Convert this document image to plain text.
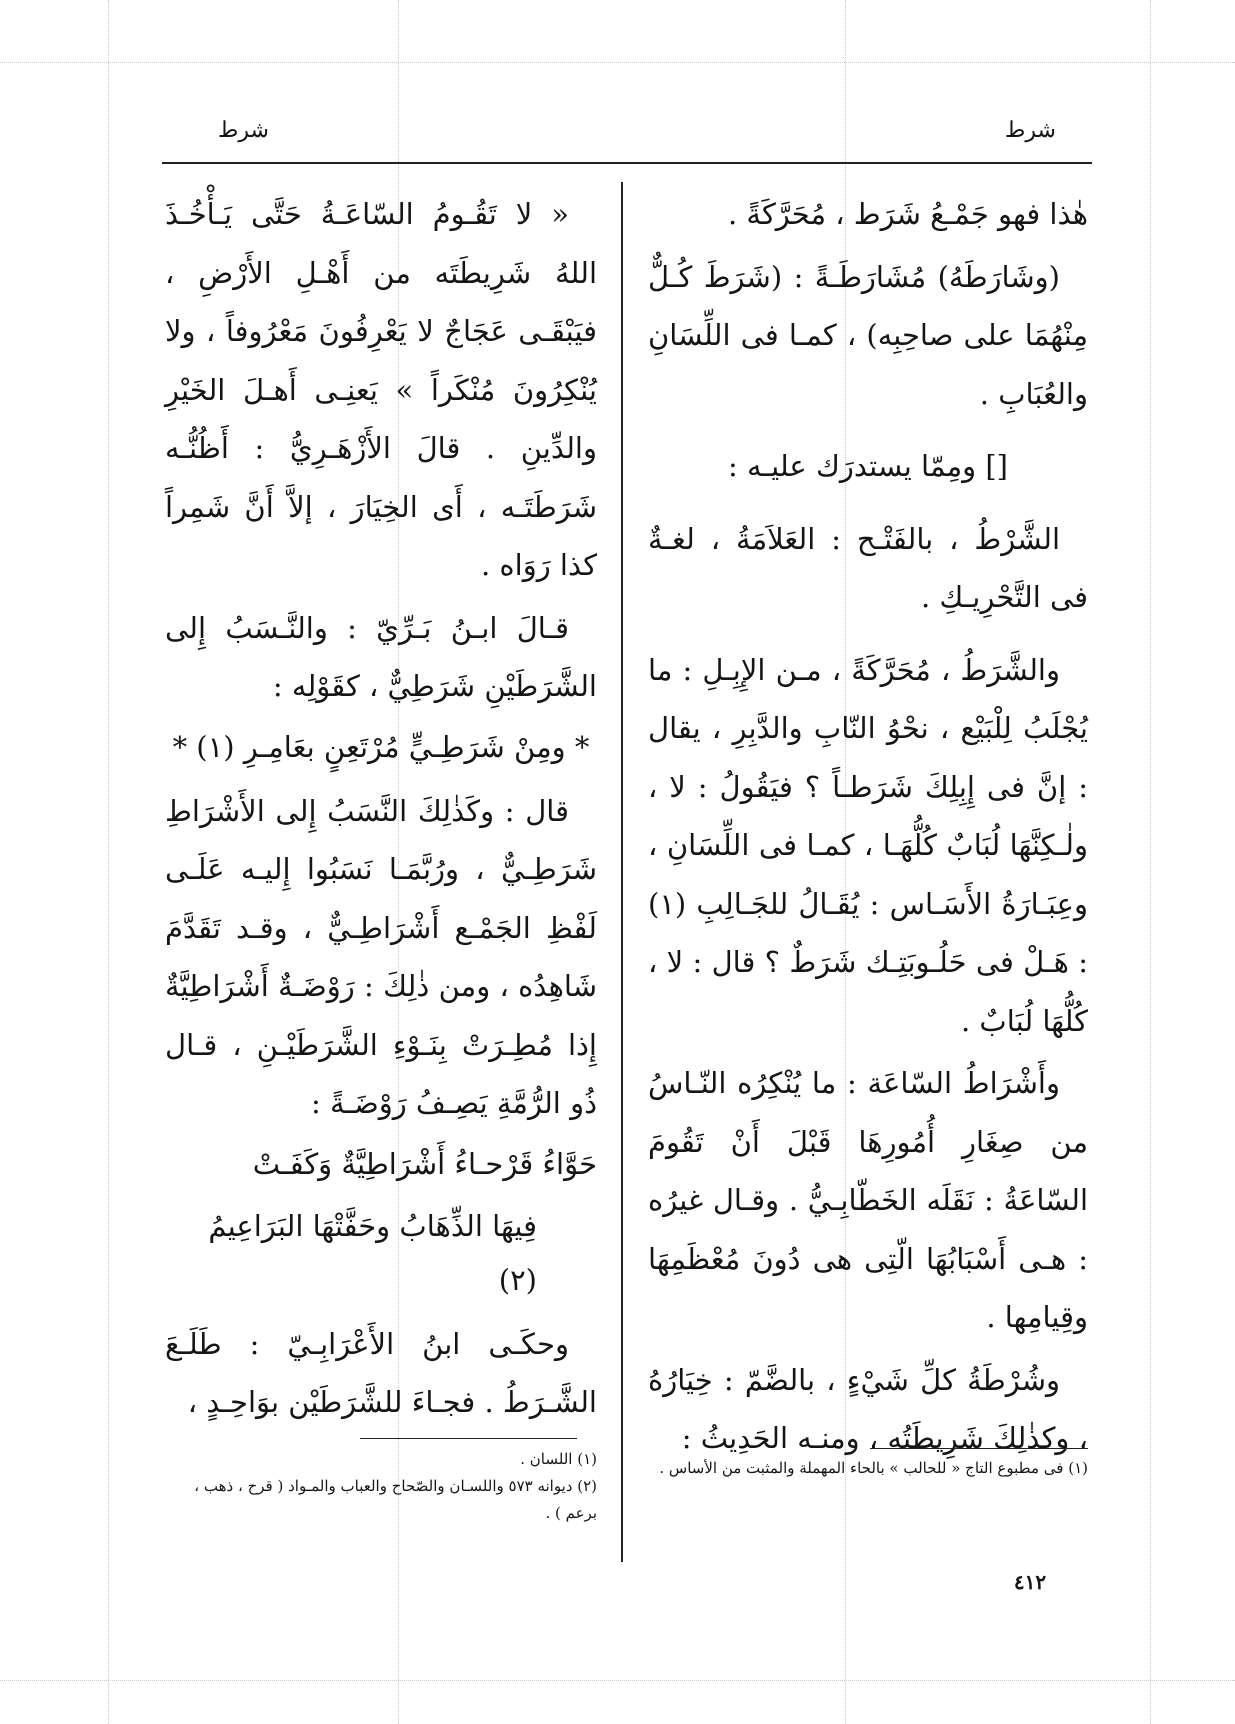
شرط
شرط

هٰذا فهو جَمْـعُ شَرَط ، مُحَرَّكَةً .

(وشَارَطَهُ) مُشَارَطَـةً : (شَرَطَ كُـلٌّ مِنْهُمَا على صاحِبِه) ، كمـا فى اللِّسَانِ والعُبَابِ .

[] ومِمّا يستدرَك عليـه :

الشَّرْطُ ، بالفَتْـح : العَلاَمَةُ ، لغـةٌ فى التَّحْرِيـكِ .

والشَّرَطُ ، مُحَرَّكَةً ، مـن الإِبِـلِ : ما يُجْلَبُ لِلْبَيْع ، نحْوُ النّابِ والدَّبِرِ ، يقال : إنَّ فى إِبِلِكَ شَرَطـاً ؟ فيَقُولُ : لا ، ولٰـكِنَّهَا لُبَابٌ كُلُّهَـا ، كمـا فى اللِّسَانِ ، وعِبَـارَةُ الأَسَـاس : يُقَـالُ للجَـالِبِ (١) : هَـلْ فى حَلُـوبَتِـك شَرَطٌ ؟ قال : لا ، كُلُّهَا لُبَابٌ .

وأَشْرَاطُ السّاعَة : ما يُنْكِرُه النّـاسُ من صِغَارِ أُمُورِهَا قَبْلَ أَنْ تَقُومَ السّاعَةُ : نَقَلَه الخَطّابِـيُّ . وقـال غيرُه : هـى أَسْبَابُهَا الّتِى هى دُونَ مُعْظَمِهَا وقِيامِها .

وشُرْطَةُ كلِّ شَيْءٍ ، بالضَّمّ : خِيَارُهُ ، وكذٰلِكَ شَرِيطَتُه ، ومنـه الحَدِيثُ :

(١) فى مطبوع التاج « للحالب » بالحاء المهملة والمثبت من الأساس .

« لا تَقُـومُ السّاعَـةُ حَتَّى يَـأْخُـذَ اللهُ شَرِيطَتَه من أَهْـلِ الأَرْضِ ، فيَبْقَـى عَجَاجٌ لا يَعْرِفُونَ مَعْرُوفاً ، ولا يُنْكِرُونَ مُنْكَراً » يَعنِـى أَهـلَ الخَيْرِ والدِّينِ . قالَ الأَزْهَـرِيُّ : أَظُنُّـه شَرَطَتَـه ، أَى الخِيَارَ ، إلاَّ أَنَّ شَمِراً كذا رَوَاه .

قـالَ ابـنُ بَـرِّيّ : والنَّـسَبُ إِلى الشَّرَطَيْنِ شَرَطِيٌّ ، كقَوْلِه :

* ومِنْ شَرَطِـيٍّ مُرْتَعِنٍ بعَامِـرِ (١) *

قال : وكَذٰلِكَ النَّسَبُ إِلى الأَشْرَاطِ شَرَطِـيٌّ ، ورُبَّمَـا نَسَبُوا إِليـه عَلَـى لَفْظِ الجَمْـع أَشْرَاطِـيٌّ ، وقـد تَقَدَّمَ شَاهِدُه ، ومن ذٰلِكَ : رَوْضَـةٌ أَشْرَاطِيَّةٌ إِذا مُطِـرَتْ بِنَـوْءِ الشَّرَطَيْـنِ ، قـال ذُو الرُّمَّةِ يَصِـفُ رَوْضَـةً :

حَوَّاءُ قَرْحـاءُ أَشْرَاطِيَّةٌ وَكَفَـتْ

فِيهَا الذِّهَابُ وحَفَّتْهَا البَرَاعِيمُ (٢)

وحكَـى ابنُ الأَعْرَابِـيّ : طَلَـعَ الشَّـرَطُ . فجـاءَ للشَّرَطَيْن بوَاحِـدٍ ،

(١) اللسان .
(٢) ديوانه ٥٧٣ واللسـان والصّحاح والعباب والمـواد ( قرح ، ذهب ، برعم ) .
٤١٢
